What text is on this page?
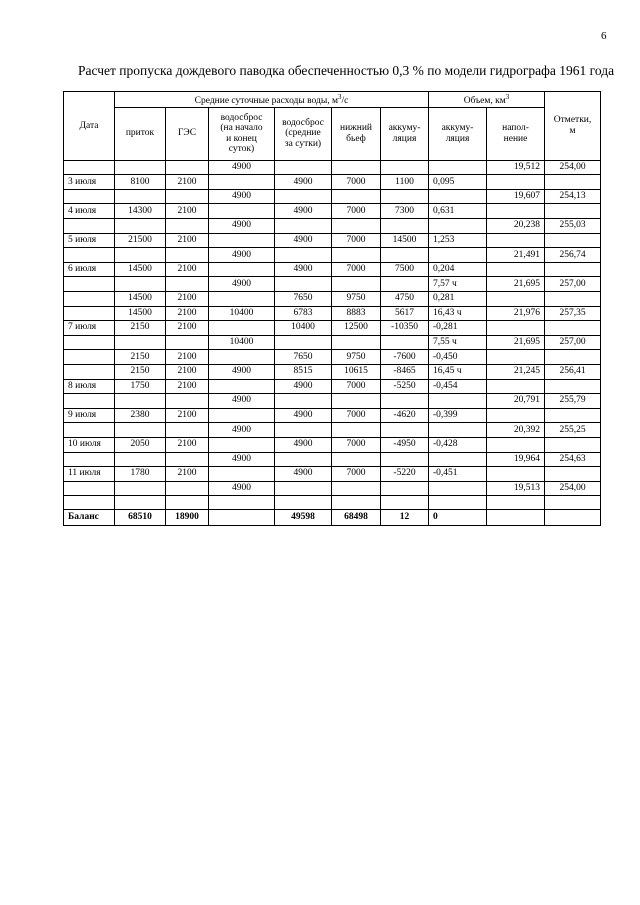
6
Расчет пропуска дождевого паводка обеспеченностью 0,3 % по модели гидрографа 1961 года
Дата	Средние суточные расходы воды, $м^3/с$						Объем, $км^3$		Отметки,
м
	приток	ГЭС	водосброс
(на начало
и конец
суток)	водосброс
(средние
за сутки)	нижний
бьеф	аккуму-
ляция	аккуму-
ляция	напол-
нение	
			4900					19,512	254,00
3 июля	8100	2100		4900	7000	1100	0,095		
			4900					19,607	254,13
4 июля	14300	2100		4900	7000	7300	0,631		
			4900					20,238	255,03
5 июля	21500	2100		4900	7000	14500	1,253		
			4900					21,491	256,74
6 июля	14500	2100		4900	7000	7500	0,204		
			4900				7,57 ч	21,695	257,00
	14500	2100		7650	9750	4750	0,281		
	14500	2100	10400	6783	8883	5617	16,43 ч	21,976	257,35
7 июля	2150	2100		10400	12500	-10350	-0,281		
			10400				7,55 ч	21,695	257,00
	2150	2100		7650	9750	-7600	-0,450		
	2150	2100	4900	8515	10615	-8465	16,45 ч	21,245	256,41
8 июля	1750	2100		4900	7000	-5250	-0,454		
			4900					20,791	255,79
9 июля	2380	2100		4900	7000	-4620	-0,399		
			4900					20,392	255,25
10 июля	2050	2100		4900	7000	-4950	-0,428		
			4900					19,964	254,63
11 июля	1780	2100		4900	7000	-5220	-0,451		
			4900					19,513	254,00

Баланс	68510	18900		49598	68498	12	0		
